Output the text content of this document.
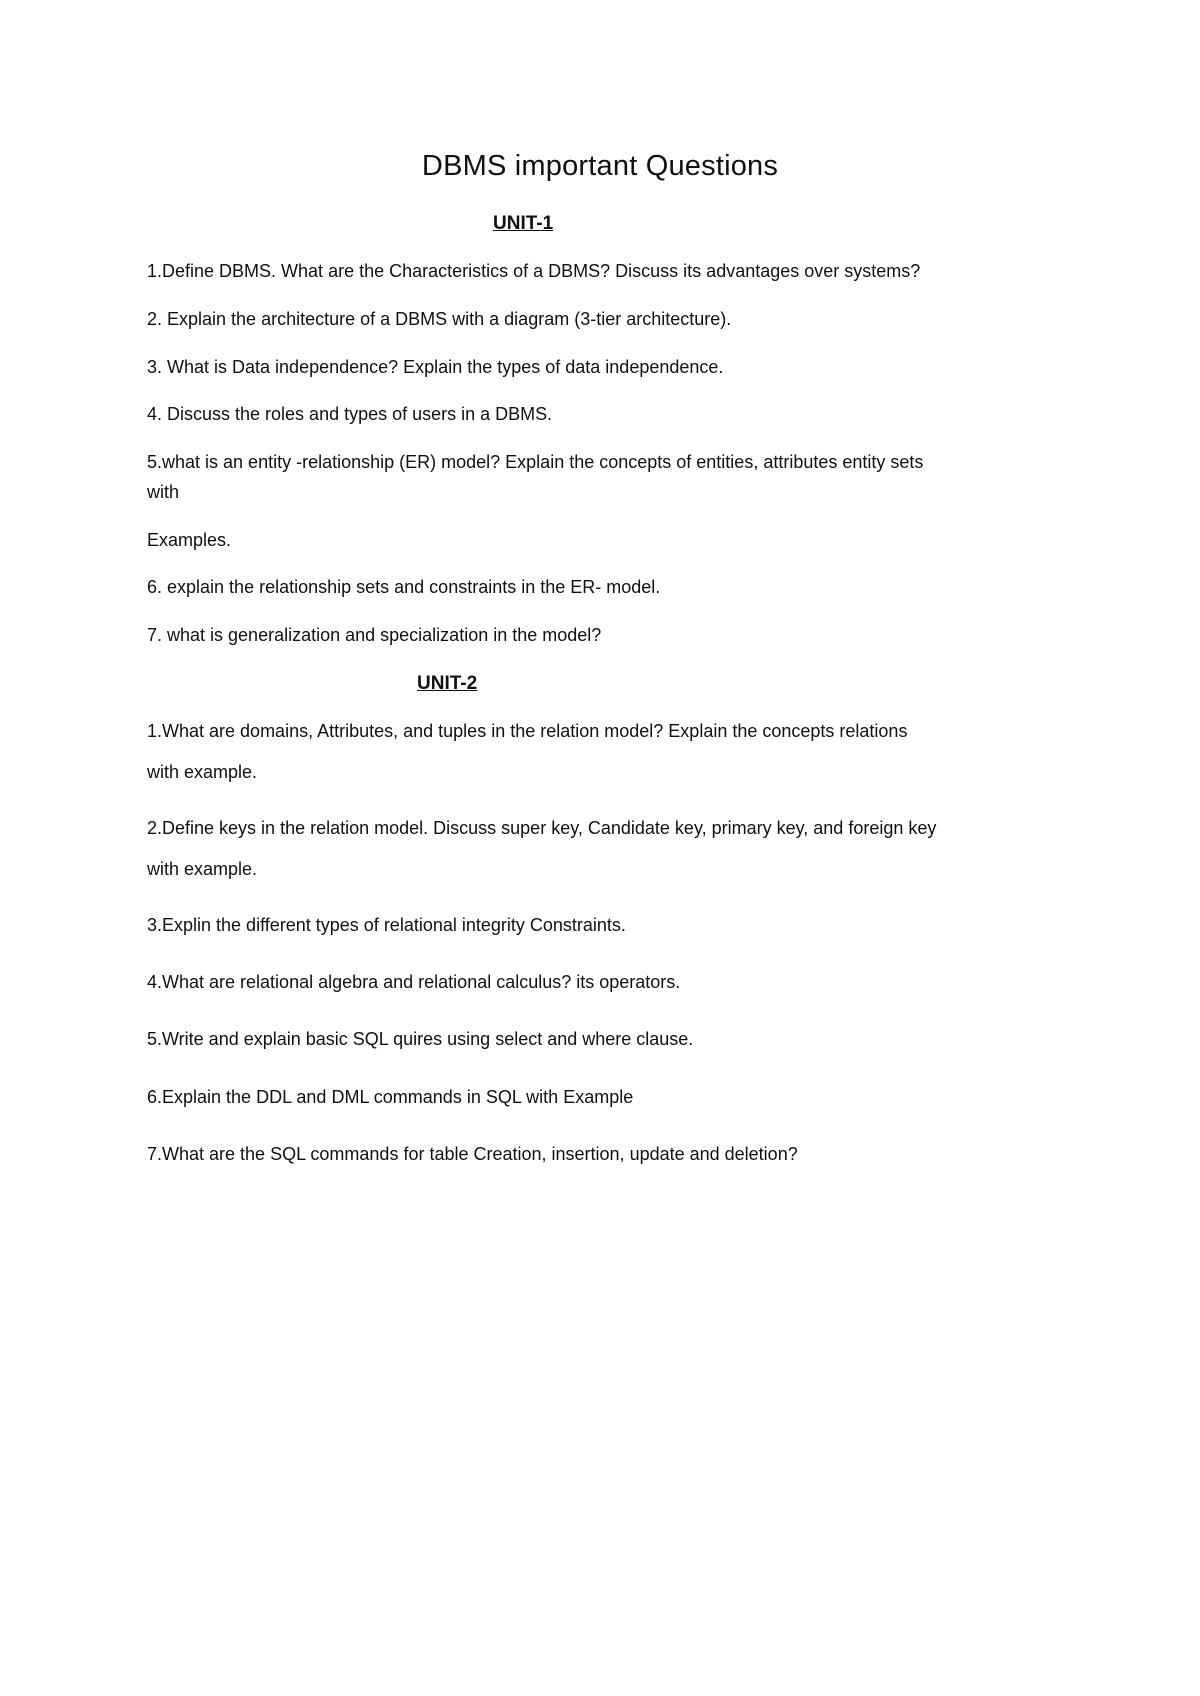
DBMS important Questions
UNIT-1

1.Define DBMS. What are the Characteristics of a DBMS? Discuss its advantages over systems?

2. Explain the architecture of a DBMS with a diagram (3-tier architecture).

3. What is Data independence? Explain the types of data independence.

4. Discuss the roles and types of users in a DBMS.

5.what is an entity -relationship (ER) model? Explain the concepts of entities, attributes entity sets

with

Examples.

6. explain the relationship sets and constraints in the ER- model.

7. what is generalization and specialization in the model?

UNIT-2

1.What are domains, Attributes, and tuples in the relation model? Explain the concepts relations

with example.

2.Define keys in the relation model. Discuss super key, Candidate key, primary key, and foreign key

with example.

3.Explin the different types of relational integrity Constraints.

4.What are relational algebra and relational calculus? its operators.

5.Write and explain basic SQL quires using select and where clause.

6.Explain the DDL and DML commands in SQL with Example

7.What are the SQL commands for table Creation, insertion, update and deletion?
